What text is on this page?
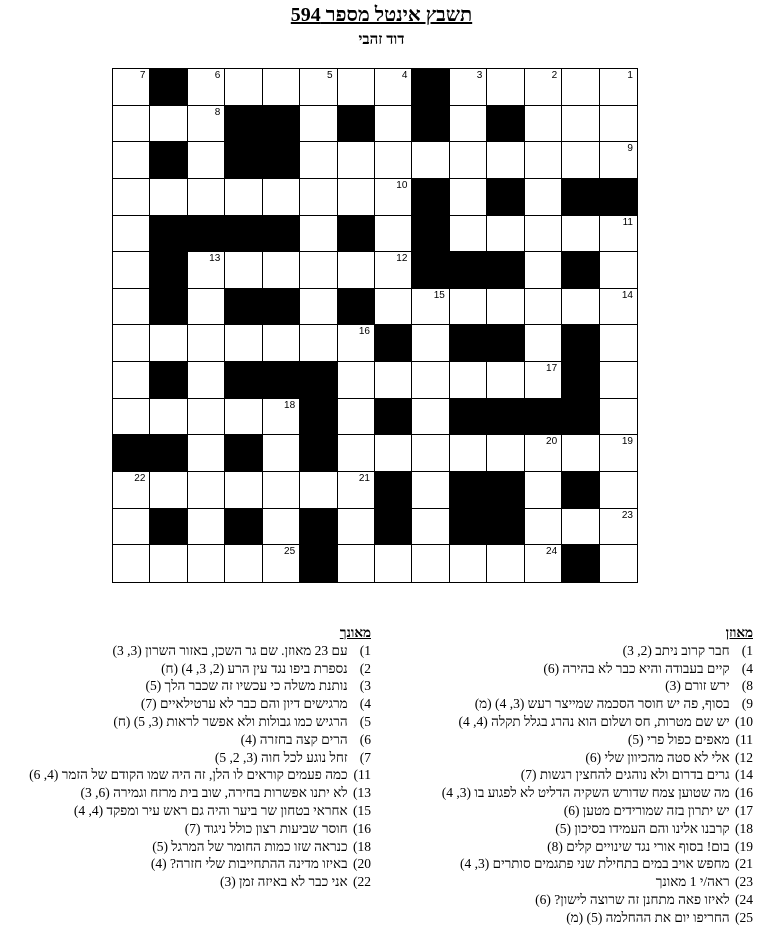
תשבץ אינטל מספר 594
דוד זהבי
7	6	5	4	3	2	1
8
9
10
11
13	12
15	14
16
17
18
20	19
22	21
23
25	24
מאוזן
1) חבר קרוב ניתב (2, 3)
4) קיים בעבודה והיא כבר לא בהירה (6)
8) ירש זורם (3)
9) בסוף, פה יש חוסר הסכמה שמייצר רעש (3, 4) (מ)
10) יש שם מטרות, חס ושלום הוא נהרג בגלל תקלה (4, 4)
11) מאפים כפול פרי (5)
12) אלי לא סטה מהכיוון שלי (6)
14) גרים בדרום ולא נוהגים להחצין רגשות (7)
16) מה שטוען צמח שדורש השקיה הדליט לא לפגוע בו (3, 4)
17) יש יתרון בזה שמורידים מטען (6)
18) קרבנו אלינו והם העמידו בסיכון (5)
19) בום! בסוף אורי נגד שינויים קלים (8)
21) מחפש אויב במים בתחילת שני פתגמים סותרים (3, 4)
23) ראה/י 1 מאונך
24) לאיזו פאה מתחנן זה שרוצה לישון? (6)
25) החריפו יום את ההחלמה (5) (מ)
מאונך
1) עם 23 מאוזן. שם גר השכן, באזור השרון (3, 3)
2) נספרת ביפו נגד עין הרע (2, 3, 4) (ח)
3) נותנת משלה כי עכשיו זה שכבר הלך (5)
4) מרגישים דיון והם כבר לא ערטילאיים (7)
5) הרגיש כמו גבולות ולא אפשר לראות (3, 5) (ח)
6) הרים קצה בחזרה (4)
7) זחל נוגע לכל חוה (3, 2, 5)
11) כמה פעמים קוראים לו הלן, זה היה שמו הקודם של הזמר (4, 6)
13) לא יתנו אפשרות בחירה, שוב בית מרזח וגמירה (6, 3)
15) אחראי בטחון שר ביער והיה גם ראש עיר ומפקד (4, 4)
16) חוסר שביעות רצון כולל ניגוד (7)
18) כנראה שזו כמות החומר של המרגל (5)
20) באיזו מדינה ההתחייבות שלי חזרה? (4)
22) אני כבר לא באיזה זמן (3)
